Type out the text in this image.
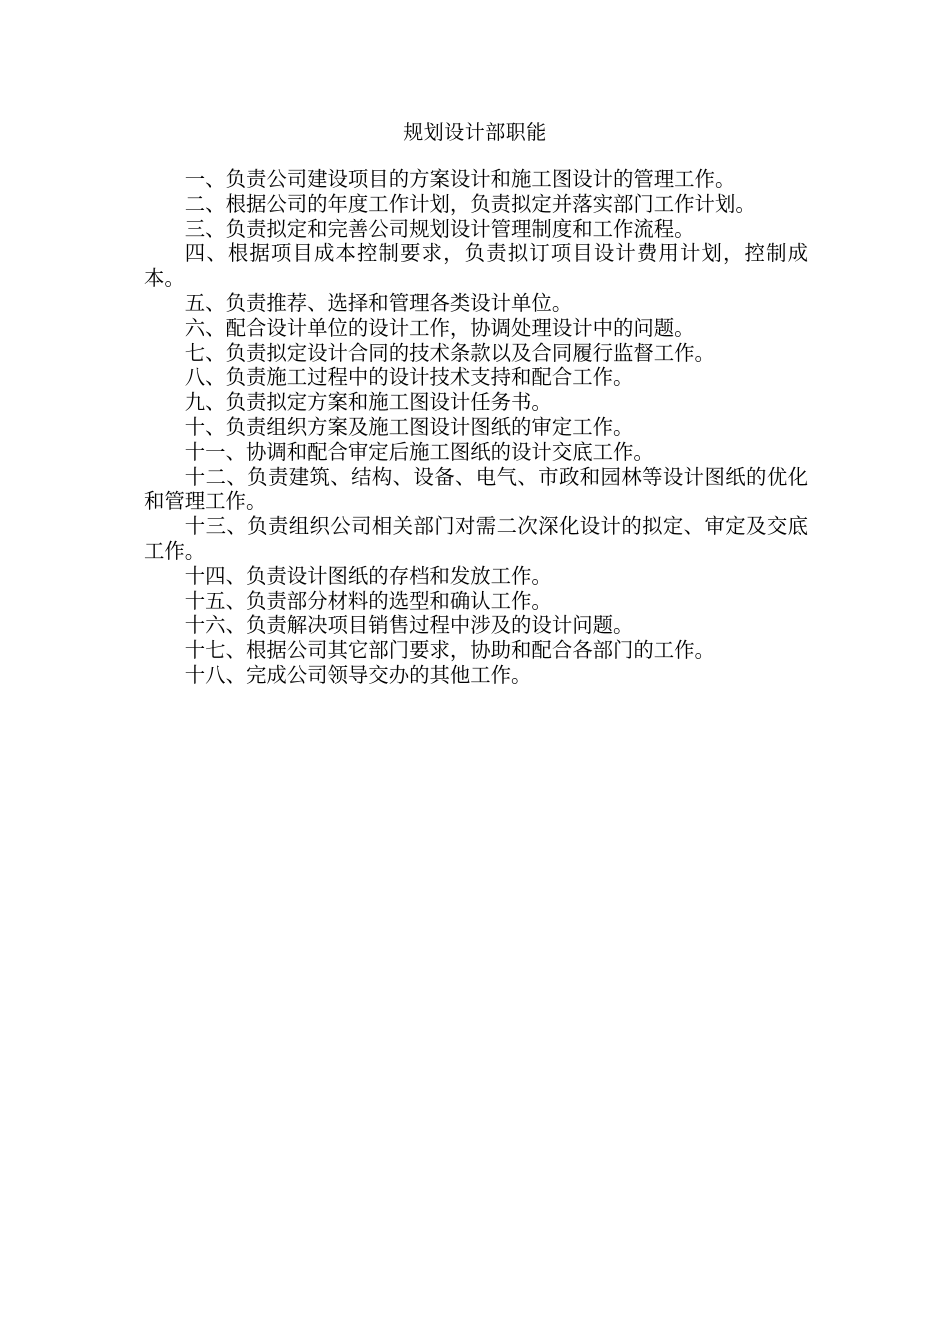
规划设计部职能

一、负责公司建设项目的方案设计和施工图设计的管理工作。

二、根据公司的年度工作计划，负责拟定并落实部门工作计划。

三、负责拟定和完善公司规划设计管理制度和工作流程。

四、根据项目成本控制要求，负责拟订项目设计费用计划，控制成本。

五、负责推荐、选择和管理各类设计单位。

六、配合设计单位的设计工作，协调处理设计中的问题。

七、负责拟定设计合同的技术条款以及合同履行监督工作。

八、负责施工过程中的设计技术支持和配合工作。

九、负责拟定方案和施工图设计任务书。

十、负责组织方案及施工图设计图纸的审定工作。

十一、协调和配合审定后施工图纸的设计交底工作。

十二、负责建筑、结构、设备、电气、市政和园林等设计图纸的优化和管理工作。

十三、负责组织公司相关部门对需二次深化设计的拟定、审定及交底工作。

十四、负责设计图纸的存档和发放工作。

十五、负责部分材料的选型和确认工作。

十六、负责解决项目销售过程中涉及的设计问题。

十七、根据公司其它部门要求，协助和配合各部门的工作。

十八、完成公司领导交办的其他工作。
